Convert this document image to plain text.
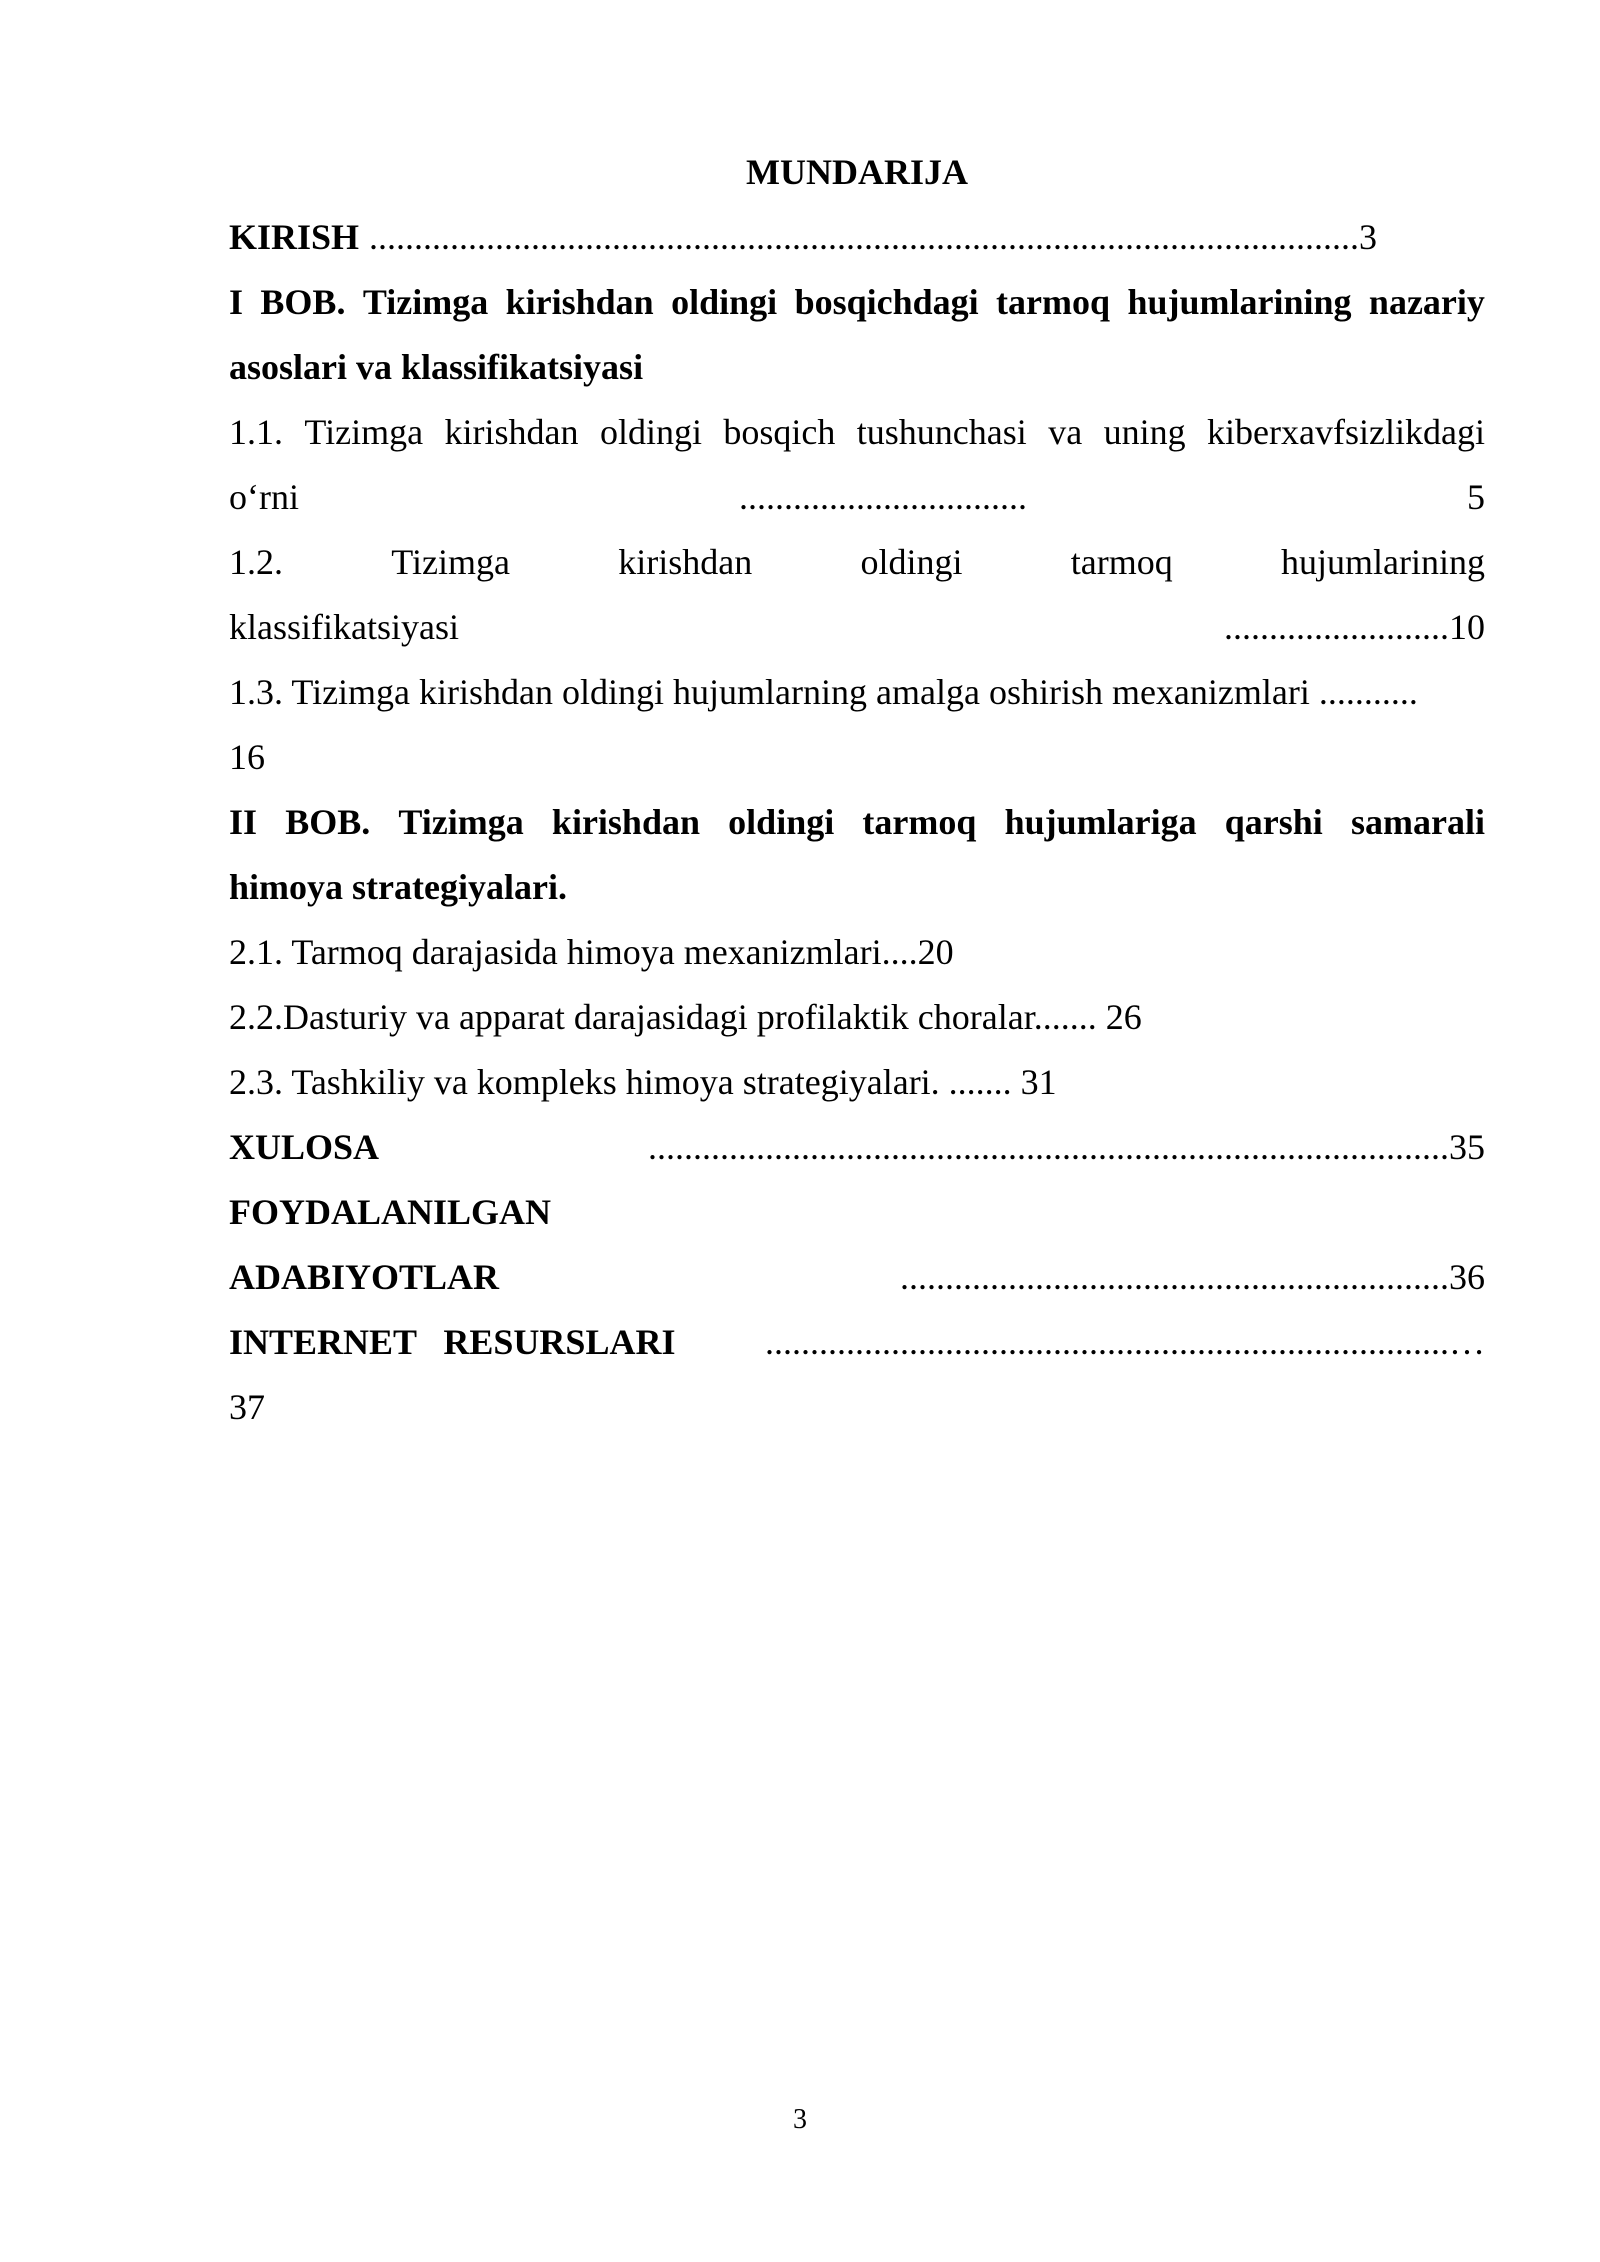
MUNDARIJA
KIRISH .............................................................................................................. 3
I BOB. Tizimga kirishdan oldingi bosqichdagi tarmoq hujumlarining nazariy
asoslari va klassifikatsiyasi
1.1. Tizimga kirishdan oldingi bosqich tushunchasi va uning kiberxavfsizlikdagi
o‘rni	................................	5
1.2.	Tizimga	kirishdan	oldingi	tarmoq	hujumlarining
klassifikatsiyasi	.........................10
1.3. Tizimga kirishdan oldingi hujumlarning amalga oshirish mexanizmlari ...........
16
II BOB. Tizimga kirishdan oldingi tarmoq hujumlariga qarshi samarali
himoya strategiyalari.
2.1. Tarmoq darajasida himoya mexanizmlari....20
2.2.Dasturiy va apparat darajasidagi profilaktik choralar....... 26
2.3. Tashkiliy va kompleks himoya strategiyalari. ....... 31
XULOSA	.........................................................................................35
FOYDALANILGAN
ADABIYOTLAR	.............................................................36
INTERNET   RESURSLARI ............................................................................…
37
3
